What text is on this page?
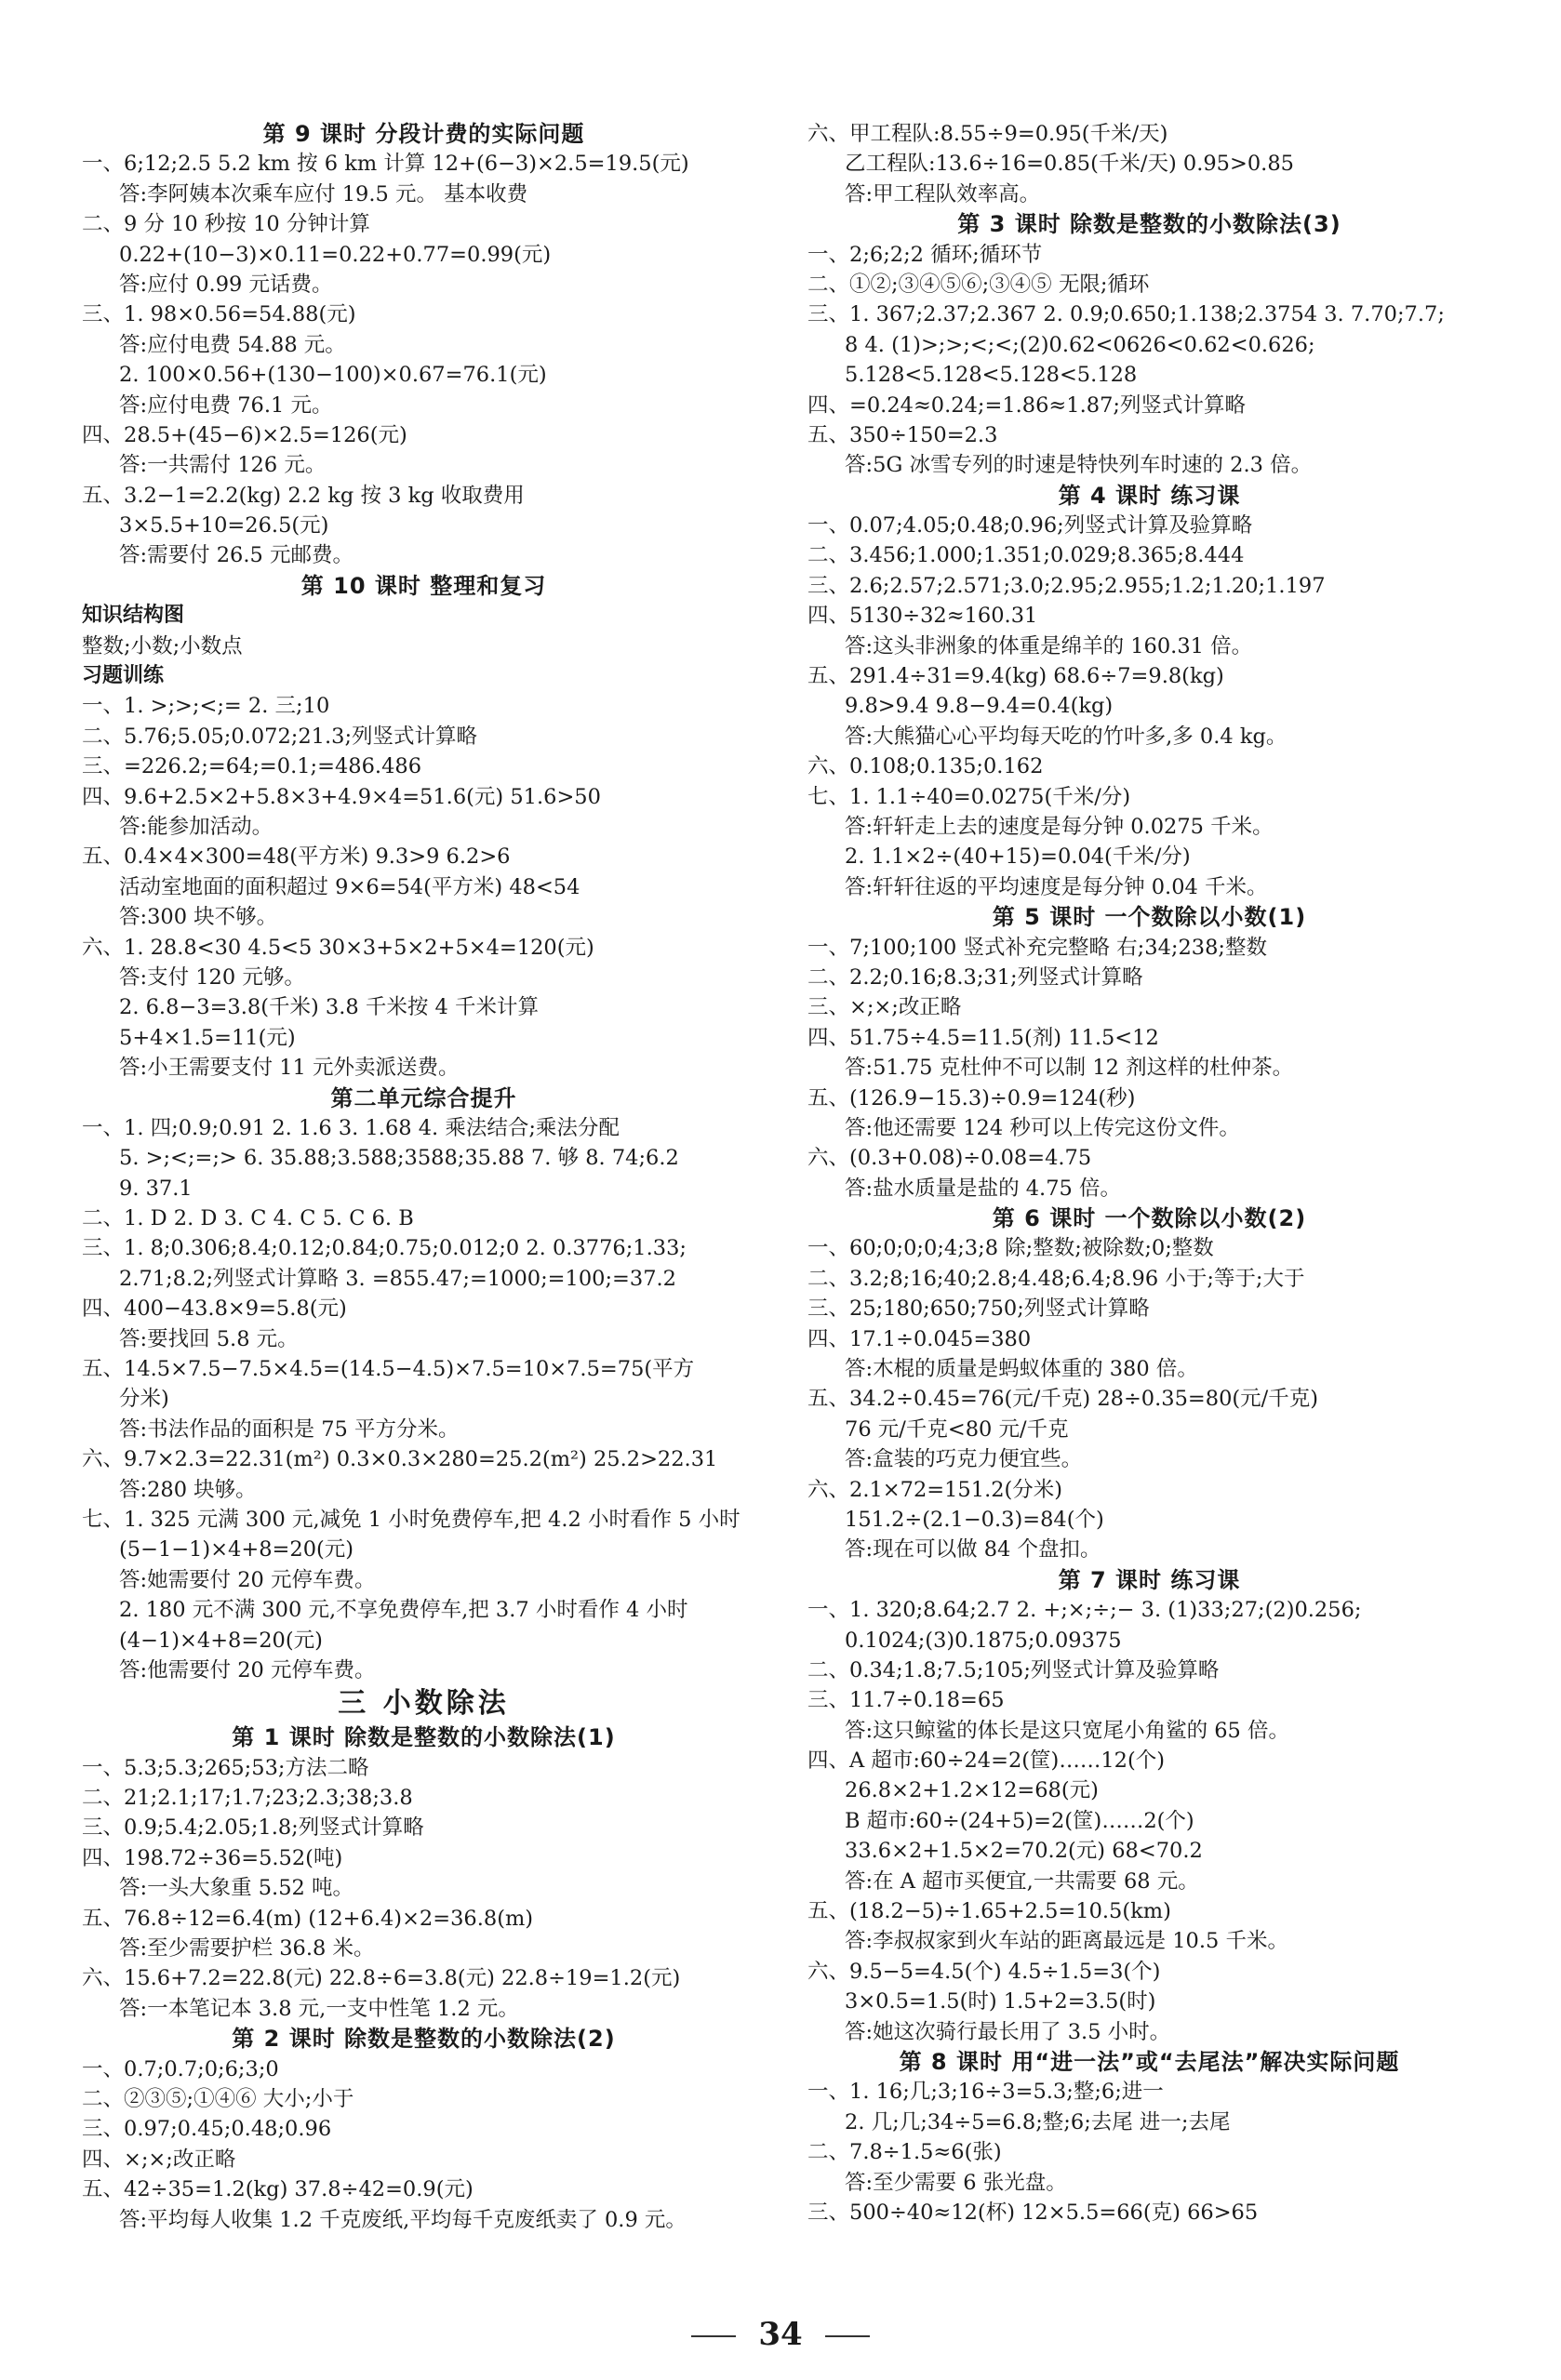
第 9 课时 分段计费的实际问题
一、6;12;2.5 5.2 km 按 6 km 计算 12+(6−3)×2.5=19.5(元)
答:李阿姨本次乘车应付 19.5 元。 基本收费
二、9 分 10 秒按 10 分钟计算
0.22+(10−3)×0.11=0.22+0.77=0.99(元)
答:应付 0.99 元话费。
三、1. 98×0.56=54.88(元)
答:应付电费 54.88 元。
2. 100×0.56+(130−100)×0.67=76.1(元)
答:应付电费 76.1 元。
四、28.5+(45−6)×2.5=126(元)
答:一共需付 126 元。
五、3.2−1=2.2(kg) 2.2 kg 按 3 kg 收取费用
3×5.5+10=26.5(元)
答:需要付 26.5 元邮费。
第 10 课时 整理和复习
知识结构图
整数;小数;小数点
习题训练
一、1. >;>;<;= 2. 三;10
二、5.76;5.05;0.072;21.3;列竖式计算略
三、=226.2;=64;=0.1;=486.486
四、9.6+2.5×2+5.8×3+4.9×4=51.6(元) 51.6>50
答:能参加活动。
五、0.4×4×300=48(平方米) 9.3>9 6.2>6
活动室地面的面积超过 9×6=54(平方米) 48<54
答:300 块不够。
六、1. 28.8<30 4.5<5 30×3+5×2+5×4=120(元)
答:支付 120 元够。
2. 6.8−3=3.8(千米) 3.8 千米按 4 千米计算
5+4×1.5=11(元)
答:小王需要支付 11 元外卖派送费。
第二单元综合提升
一、1. 四;0.9;0.91 2. 1.6 3. 1.68 4. 乘法结合;乘法分配
5. >;<;=;> 6. 35.88;3.588;3588;35.88 7. 够 8. 74;6.2
9. 37.1
二、1. D 2. D 3. C 4. C 5. C 6. B
三、1. 8;0.306;8.4;0.12;0.84;0.75;0.012;0 2. 0.3776;1.33;
2.71;8.2;列竖式计算略 3. =855.47;=1000;=100;=37.2
四、400−43.8×9=5.8(元)
答:要找回 5.8 元。
五、14.5×7.5−7.5×4.5=(14.5−4.5)×7.5=10×7.5=75(平方
分米)
答:书法作品的面积是 75 平方分米。
六、9.7×2.3=22.31(m²) 0.3×0.3×280=25.2(m²) 25.2>22.31
答:280 块够。
七、1. 325 元满 300 元,减免 1 小时免费停车,把 4.2 小时看作 5 小时
(5−1−1)×4+8=20(元)
答:她需要付 20 元停车费。
2. 180 元不满 300 元,不享免费停车,把 3.7 小时看作 4 小时
(4−1)×4+8=20(元)
答:他需要付 20 元停车费。
三 小数除法
第 1 课时 除数是整数的小数除法(1)
一、5.3;5.3;265;53;方法二略
二、21;2.1;17;1.7;23;2.3;38;3.8
三、0.9;5.4;2.05;1.8;列竖式计算略
四、198.72÷36=5.52(吨)
答:一头大象重 5.52 吨。
五、76.8÷12=6.4(m) (12+6.4)×2=36.8(m)
答:至少需要护栏 36.8 米。
六、15.6+7.2=22.8(元) 22.8÷6=3.8(元) 22.8÷19=1.2(元)
答:一本笔记本 3.8 元,一支中性笔 1.2 元。
第 2 课时 除数是整数的小数除法(2)
一、0.7;0.7;0;6;3;0
二、②③⑤;①④⑥ 大小;小于
三、0.97;0.45;0.48;0.96
四、×;×;改正略
五、42÷35=1.2(kg) 37.8÷42=0.9(元)
答:平均每人收集 1.2 千克废纸,平均每千克废纸卖了 0.9 元。
六、甲工程队:8.55÷9=0.95(千米/天)
乙工程队:13.6÷16=0.85(千米/天) 0.95>0.85
答:甲工程队效率高。
第 3 课时 除数是整数的小数除法(3)
一、2;6;2;2 循环;循环节
二、①②;③④⑤⑥;③④⑤ 无限;循环
三、1. 367;2.37;2.367 2. 0.9;0.650;1.138;2.3754 3. 7.70;7.7;
8 4. (1)>;>;<;<;(2)0.62<0626<0.62<0.626;
5.128<5.128<5.128<5.128
四、=0.24≈0.24;=1.86≈1.87;列竖式计算略
五、350÷150=2.3
答:5G 冰雪专列的时速是特快列车时速的 2.3 倍。
第 4 课时 练习课
一、0.07;4.05;0.48;0.96;列竖式计算及验算略
二、3.456;1.000;1.351;0.029;8.365;8.444
三、2.6;2.57;2.571;3.0;2.95;2.955;1.2;1.20;1.197
四、5130÷32≈160.31
答:这头非洲象的体重是绵羊的 160.31 倍。
五、291.4÷31=9.4(kg) 68.6÷7=9.8(kg)
9.8>9.4 9.8−9.4=0.4(kg)
答:大熊猫心心平均每天吃的竹叶多,多 0.4 kg。
六、0.108;0.135;0.162
七、1. 1.1÷40=0.0275(千米/分)
答:轩轩走上去的速度是每分钟 0.0275 千米。
2. 1.1×2÷(40+15)=0.04(千米/分)
答:轩轩往返的平均速度是每分钟 0.04 千米。
第 5 课时 一个数除以小数(1)
一、7;100;100 竖式补充完整略 右;34;238;整数
二、2.2;0.16;8.3;31;列竖式计算略
三、×;×;改正略
四、51.75÷4.5=11.5(剂) 11.5<12
答:51.75 克杜仲不可以制 12 剂这样的杜仲茶。
五、(126.9−15.3)÷0.9=124(秒)
答:他还需要 124 秒可以上传完这份文件。
六、(0.3+0.08)÷0.08=4.75
答:盐水质量是盐的 4.75 倍。
第 6 课时 一个数除以小数(2)
一、60;0;0;0;4;3;8 除;整数;被除数;0;整数
二、3.2;8;16;40;2.8;4.48;6.4;8.96 小于;等于;大于
三、25;180;650;750;列竖式计算略
四、17.1÷0.045=380
答:木棍的质量是蚂蚁体重的 380 倍。
五、34.2÷0.45=76(元/千克) 28÷0.35=80(元/千克)
76 元/千克<80 元/千克
答:盒装的巧克力便宜些。
六、2.1×72=151.2(分米)
151.2÷(2.1−0.3)=84(个)
答:现在可以做 84 个盘扣。
第 7 课时 练习课
一、1. 320;8.64;2.7 2. +;×;÷;− 3. (1)33;27;(2)0.256;
0.1024;(3)0.1875;0.09375
二、0.34;1.8;7.5;105;列竖式计算及验算略
三、11.7÷0.18=65
答:这只鲸鲨的体长是这只宽尾小角鲨的 65 倍。
四、A 超市:60÷24=2(筐)……12(个)
26.8×2+1.2×12=68(元)
B 超市:60÷(24+5)=2(筐)……2(个)
33.6×2+1.5×2=70.2(元) 68<70.2
答:在 A 超市买便宜,一共需要 68 元。
五、(18.2−5)÷1.65+2.5=10.5(km)
答:李叔叔家到火车站的距离最远是 10.5 千米。
六、9.5−5=4.5(个) 4.5÷1.5=3(个)
3×0.5=1.5(时) 1.5+2=3.5(时)
答:她这次骑行最长用了 3.5 小时。
第 8 课时 用“进一法”或“去尾法”解决实际问题
一、1. 16;几;3;16÷3=5.3;整;6;进一
2. 几;几;34÷5=6.8;整;6;去尾 进一;去尾
二、7.8÷1.5≈6(张)
答:至少需要 6 张光盘。
三、500÷40≈12(杯) 12×5.5=66(克) 66>65
34
